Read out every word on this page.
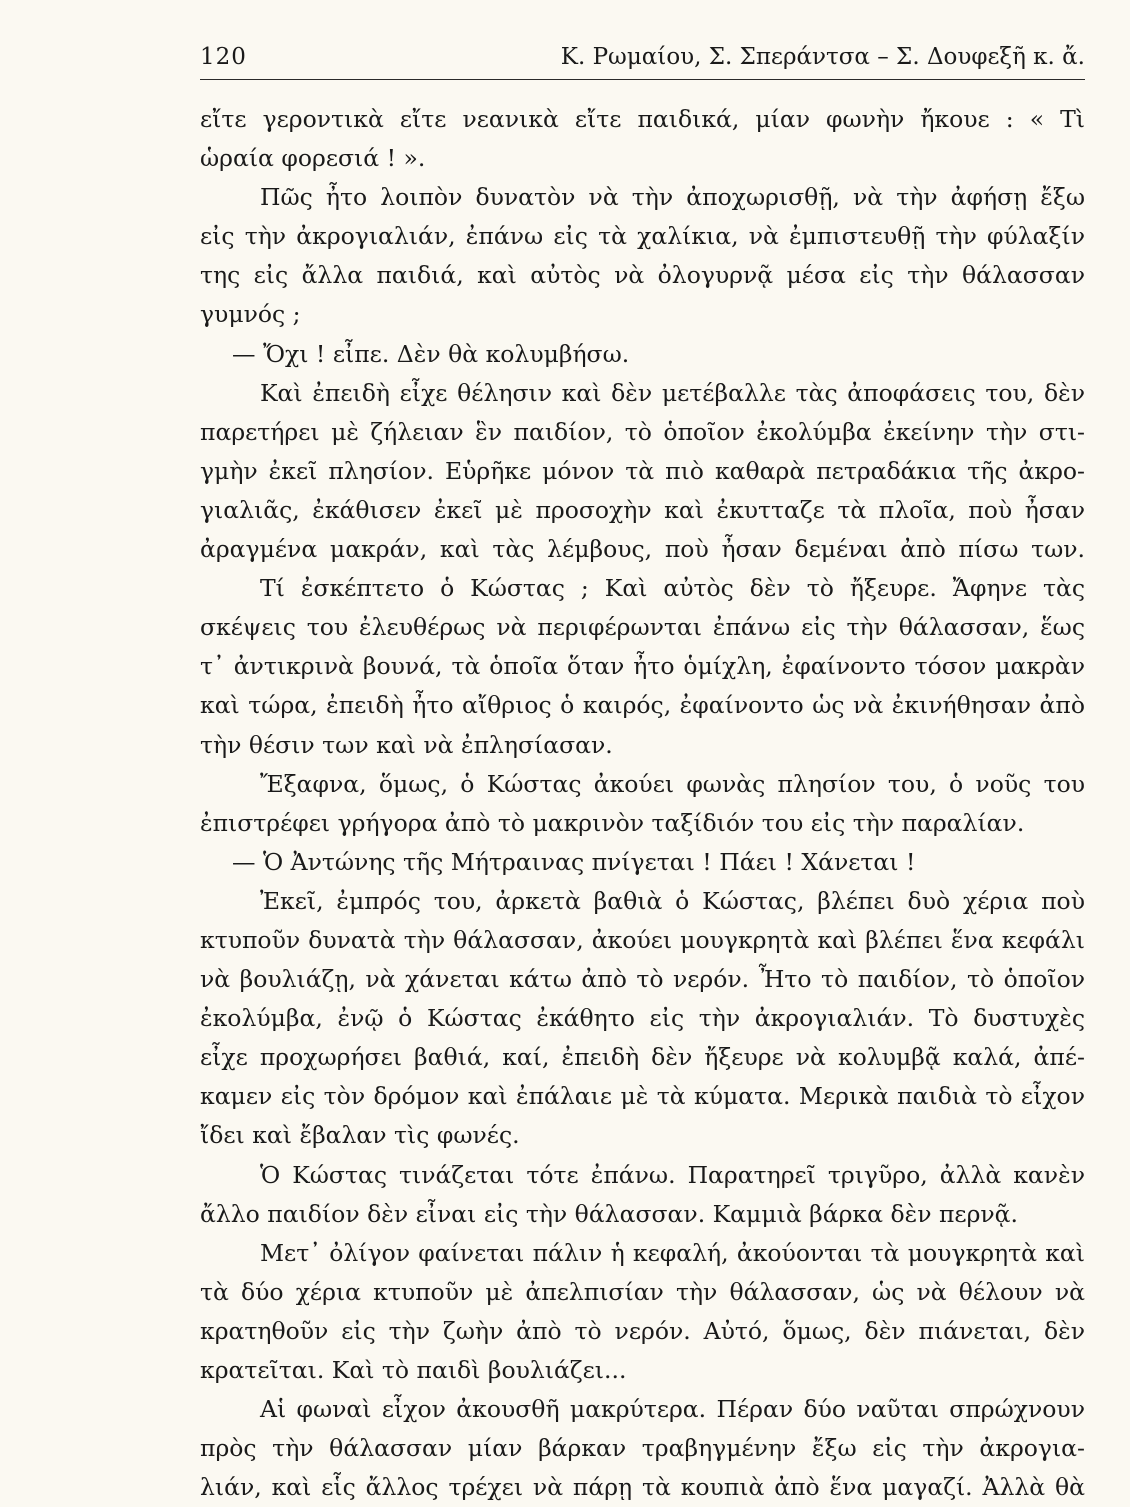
120	Κ. Ρωμαίου, Σ. Σπεράντσα – Σ. Δουφεξῆ κ. ἄ.
εἴτε γεροντικὰ εἴτε νεανικὰ εἴτε παιδικά, μίαν φωνὴν ἤκουε : « Τὶ
ὡραία φορεσιά ! ».
Πῶς ἦτο λοιπὸν δυνατὸν νὰ τὴν ἀποχωρισθῇ, νὰ τὴν ἀφήσῃ ἔξω
εἰς τὴν ἀκρογιαλιάν, ἐπάνω εἰς τὰ χαλίκια, νὰ ἐμπιστευθῇ τὴν φύλαξίν
της εἰς ἄλλα παιδιά, καὶ αὐτὸς νὰ ὀλογυρνᾷ μέσα εἰς τὴν θάλασσαν
γυμνός ;
— Ὄχι ! εἶπε. Δὲν θὰ κολυμβήσω.
Καὶ ἐπειδὴ εἶχε θέλησιν καὶ δὲν μετέβαλλε τὰς ἀποφάσεις του, δὲν
παρετήρει μὲ ζήλειαν ἓν παιδίον, τὸ ὁποῖον ἐκολύμβα ἐκείνην τὴν στι-
γμὴν ἐκεῖ πλησίον. Εὑρῆκε μόνον τὰ πιὸ καθαρὰ πετραδάκια τῆς ἀκρο-
γιαλιᾶς, ἐκάθισεν ἐκεῖ μὲ προσοχὴν καὶ ἐκυτταζε τὰ πλοῖα, ποὺ ἦσαν
ἀραγμένα μακράν, καὶ τὰς λέμβους, ποὺ ἦσαν δεμέναι ἀπὸ πίσω των.
Τί ἐσκέπτετο ὁ Κώστας ; Καὶ αὐτὸς δὲν τὸ ἤξευρε. Ἄφηνε τὰς
σκέψεις του ἐλευθέρως νὰ περιφέρωνται ἐπάνω εἰς τὴν θάλασσαν, ἕως
τ᾽ ἀντικρινὰ βουνά, τὰ ὁποῖα ὅταν ἦτο ὁμίχλη, ἐφαίνοντο τόσον μακρὰν
καὶ τώρα, ἐπειδὴ ἦτο αἴθριος ὁ καιρός, ἐφαίνοντο ὡς νὰ ἐκινήθησαν ἀπὸ
τὴν θέσιν των καὶ νὰ ἐπλησίασαν.
Ἔξαφνα, ὅμως, ὁ Κώστας ἀκούει φωνὰς πλησίον του, ὁ νοῦς του
ἐπιστρέφει γρήγορα ἀπὸ τὸ μακρινὸν ταξίδιόν του εἰς τὴν παραλίαν.
— Ὁ Ἀντώνης τῆς Μήτραινας πνίγεται ! Πάει ! Χάνεται !
Ἐκεῖ, ἐμπρός του, ἀρκετὰ βαθιὰ ὁ Κώστας, βλέπει δυὸ χέρια ποὺ
κτυποῦν δυνατὰ τὴν θάλασσαν, ἀκούει μουγκρητὰ καὶ βλέπει ἕνα κεφάλι
νὰ βουλιάζῃ, νὰ χάνεται κάτω ἀπὸ τὸ νερόν. Ἦτο τὸ παιδίον, τὸ ὁποῖον
ἐκολύμβα, ἐνῷ ὁ Κώστας ἐκάθητο εἰς τὴν ἀκρογιαλιάν. Τὸ δυστυχὲς
εἶχε προχωρήσει βαθιά, καί, ἐπειδὴ δὲν ἤξευρε νὰ κολυμβᾷ καλά, ἀπέ-
καμεν εἰς τὸν δρόμον καὶ ἐπάλαιε μὲ τὰ κύματα. Μερικὰ παιδιὰ τὸ εἶχον
ἴδει καὶ ἔβαλαν τὶς φωνές.
Ὁ Κώστας τινάζεται τότε ἐπάνω. Παρατηρεῖ τριγῦρο, ἀλλὰ κανὲν
ἄλλο παιδίον δὲν εἶναι εἰς τὴν θάλασσαν. Καμμιὰ βάρκα δὲν περνᾷ.
Μετ᾽ ὀλίγον φαίνεται πάλιν ἡ κεφαλή, ἀκούονται τὰ μουγκρητὰ καὶ
τὰ δύο χέρια κτυποῦν μὲ ἀπελπισίαν τὴν θάλασσαν, ὡς νὰ θέλουν νὰ
κρατηθοῦν εἰς τὴν ζωὴν ἀπὸ τὸ νερόν. Αὐτό, ὅμως, δὲν πιάνεται, δὲν
κρατεῖται. Καὶ τὸ παιδὶ βουλιάζει...
Αἱ φωναὶ εἶχον ἀκουσθῆ μακρύτερα. Πέραν δύο ναῦται σπρώχνουν
πρὸς τὴν θάλασσαν μίαν βάρκαν τραβηγμένην ἔξω εἰς τὴν ἀκρογια-
λιάν, καὶ εἷς ἄλλος τρέχει νὰ πάρῃ τὰ κουπιὰ ἀπὸ ἕνα μαγαζί. Ἀλλὰ θὰ
